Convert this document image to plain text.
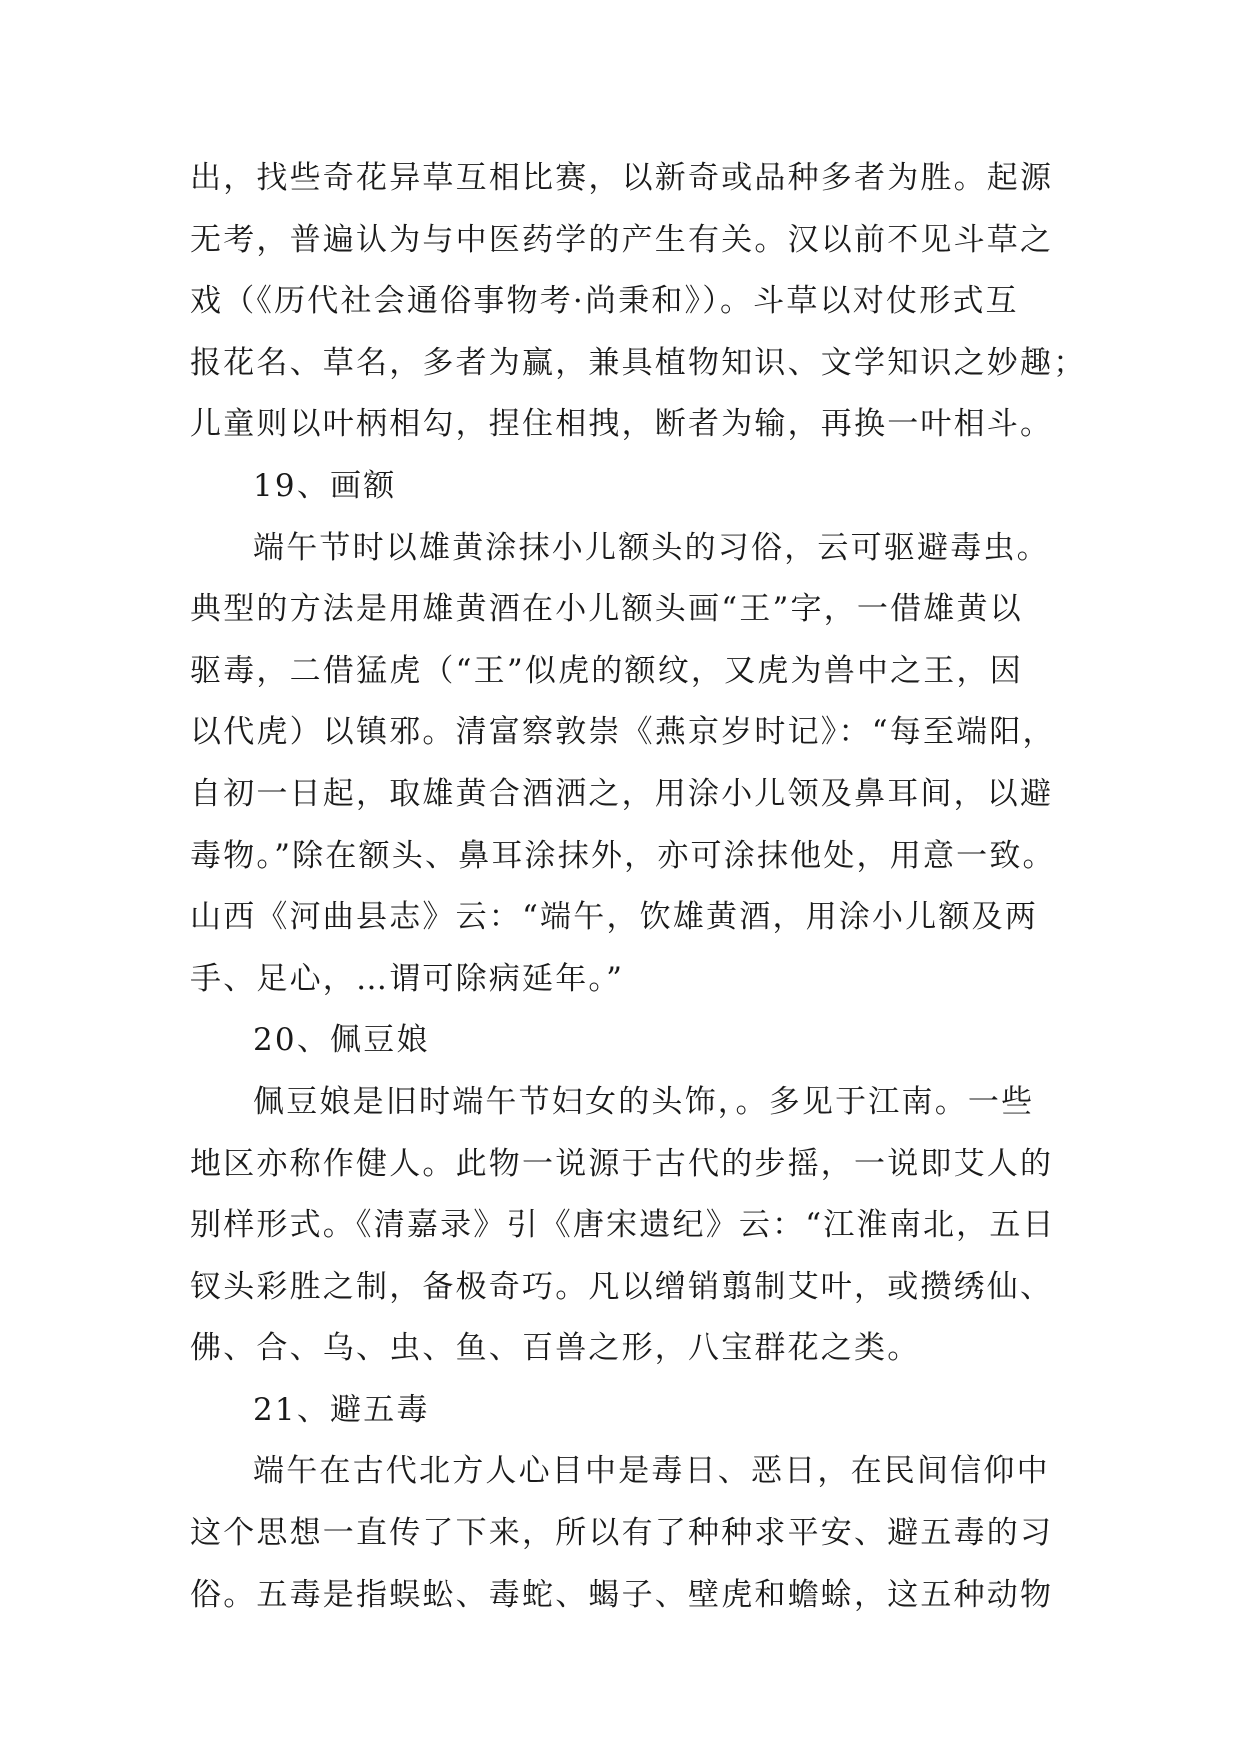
出，找些奇花异草互相比赛，以新奇或品种多者为胜。起源
无考，普遍认为与中医药学的产生有关。汉以前不见斗草之
戏（《历代社会通俗事物考·尚秉和》）。斗草以对仗形式互
报花名、草名，多者为赢，兼具植物知识、文学知识之妙趣；
儿童则以叶柄相勾，捏住相拽，断者为输，再换一叶相斗。
19、画额
端午节时以雄黄涂抹小儿额头的习俗，云可驱避毒虫。
典型的方法是用雄黄酒在小儿额头画“王”字，一借雄黄以
驱毒，二借猛虎（“王”似虎的额纹，又虎为兽中之王，因
以代虎）以镇邪。清富察敦崇《燕京岁时记》：“每至端阳，
自初一日起，取雄黄合酒洒之，用涂小儿领及鼻耳间，以避
毒物。”除在额头、鼻耳涂抹外，亦可涂抹他处，用意一致。
山西《河曲县志》云：“端午，饮雄黄酒，用涂小儿额及两
手、足心，…谓可除病延年。”
20、佩豆娘
佩豆娘是旧时端午节妇女的头饰，。多见于江南。一些
地区亦称作健人。此物一说源于古代的步摇，一说即艾人的
别样形式。《清嘉录》引《唐宋遗纪》云：“江淮南北，五日
钗头彩胜之制，备极奇巧。凡以缯销翦制艾叶，或攒绣仙、
佛、合、乌、虫、鱼、百兽之形，八宝群花之类。
21、避五毒
端午在古代北方人心目中是毒日、恶日，在民间信仰中
这个思想一直传了下来，所以有了种种求平安、避五毒的习
俗。五毒是指蜈蚣、毒蛇、蝎子、壁虎和蟾蜍，这五种动物
